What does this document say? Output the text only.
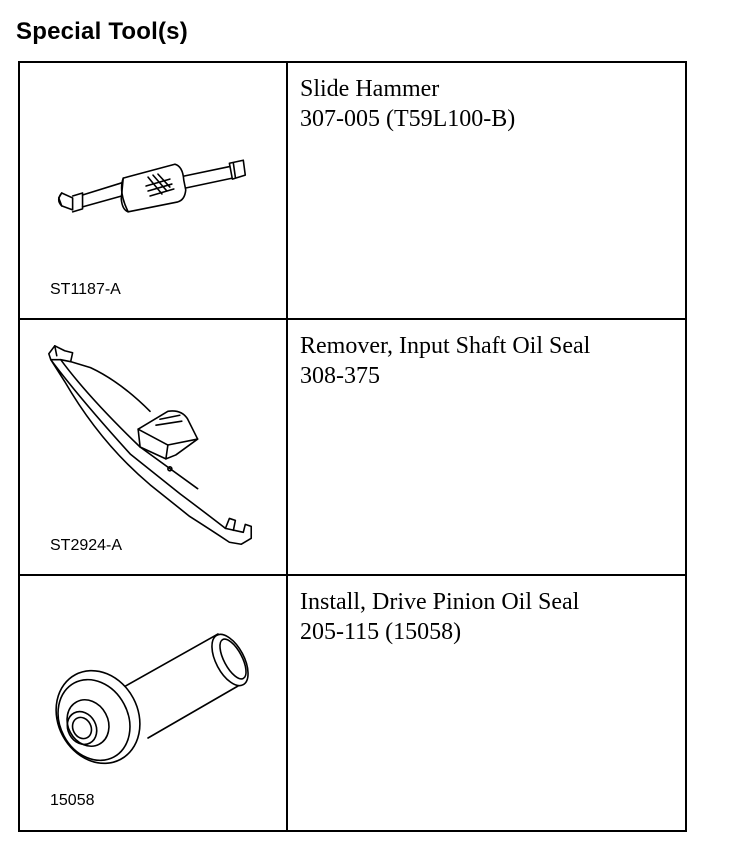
Special Tool(s)
ST1187-A
Slide Hammer
307-005 (T59L100-B)
ST2924-A
Remover, Input Shaft Oil Seal
308-375
15058
Install, Drive Pinion Oil Seal
205-115 (15058)
